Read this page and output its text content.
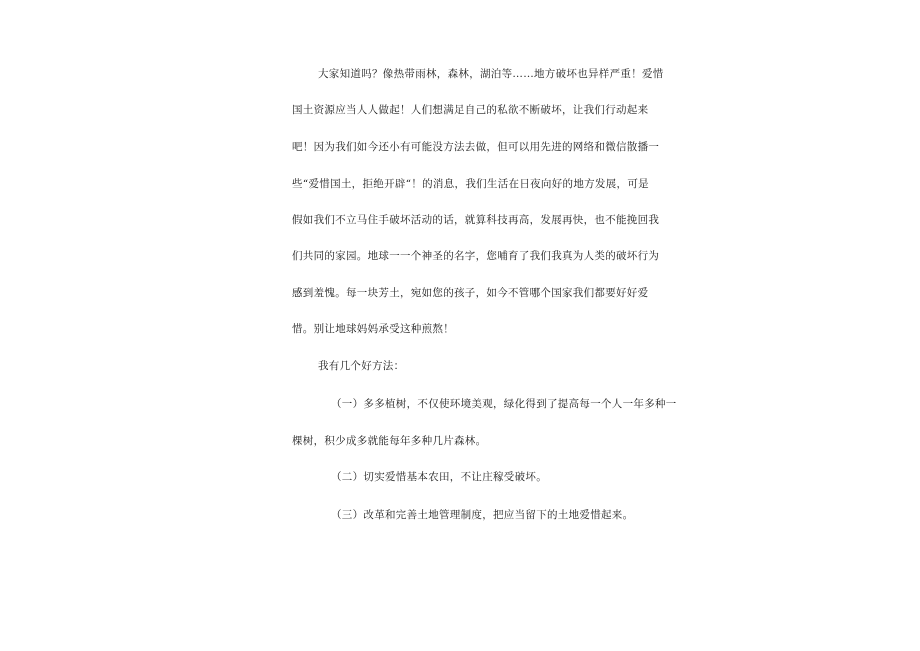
大家知道吗？像热带雨林，森林，湖泊等……地方破坏也异样严重！爱惜
国土资源应当人人做起！人们想满足自己的私欲不断破坏，让我们行动起来
吧！因为我们如今还小有可能没方法去做，但可以用先进的网络和微信散播一
些“爱惜国土，拒绝开辟“！的消息，我们生活在日夜向好的地方发展，可是
假如我们不立马住手破坏活动的话，就算科技再高，发展再快，也不能挽回我
们共同的家园。地球一一个神圣的名字，您哺育了我们我真为人类的破坏行为
感到羞愧。每一块芳土，宛如您的孩子，如今不管哪个国家我们都要好好爱
惜。别让地球妈妈承受这种煎熬！
我有几个好方法：
（一）多多植树，不仅使环境美观，绿化得到了提高每一个人一年多种一
棵树，积少成多就能每年多种几片森林。
（二）切实爱惜基本农田，不让庄稼受破坏。
（三）改革和完善土地管理制度，把应当留下的土地爱惜起来。
